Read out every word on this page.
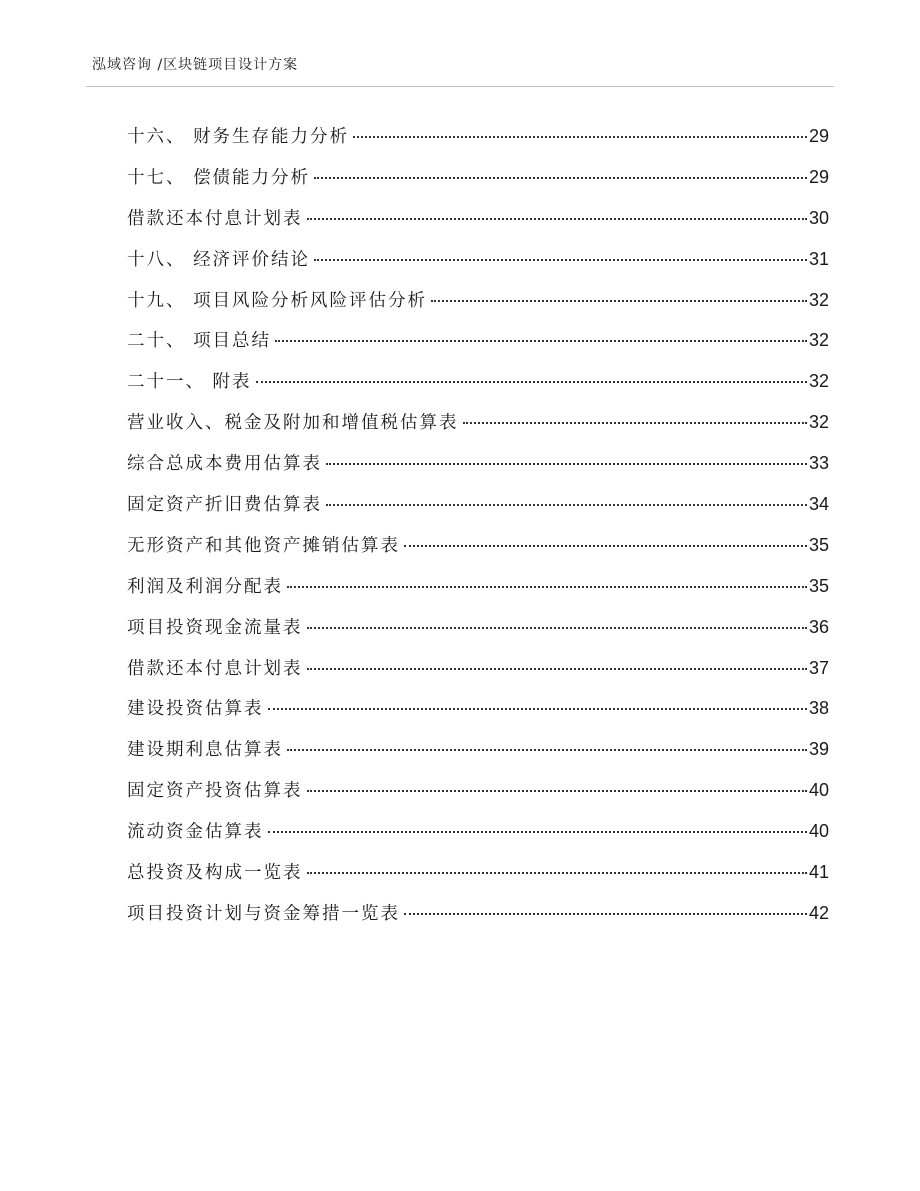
泓域咨询 /区块链项目设计方案
十六、 财务生存能力分析	29
十七、 偿债能力分析	29
借款还本付息计划表	30
十八、 经济评价结论	31
十九、 项目风险分析风险评估分析	32
二十、 项目总结	32
二十一、 附表	32
营业收入、税金及附加和增值税估算表	32
综合总成本费用估算表	33
固定资产折旧费估算表	34
无形资产和其他资产摊销估算表	35
利润及利润分配表	35
项目投资现金流量表	36
借款还本付息计划表	37
建设投资估算表	38
建设期利息估算表	39
固定资产投资估算表	40
流动资金估算表	40
总投资及构成一览表	41
项目投资计划与资金筹措一览表	42
